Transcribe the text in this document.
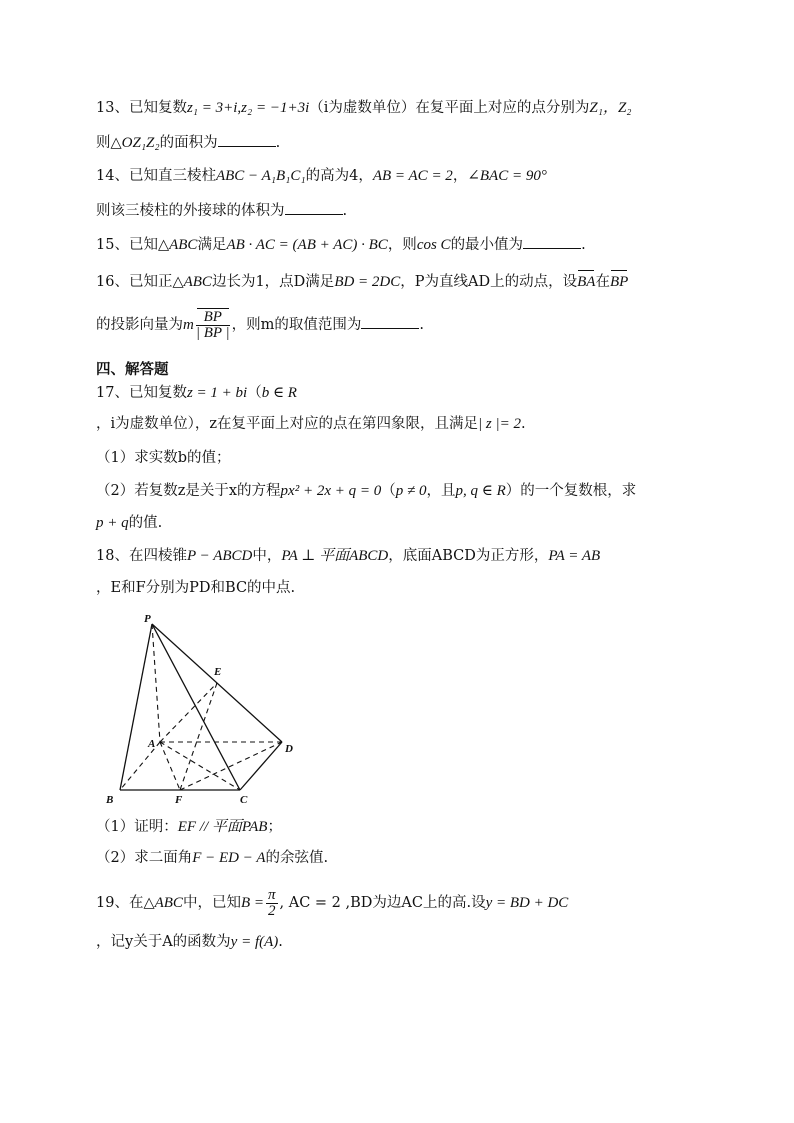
13、已知复数z₁ = 3+i,z₂ = −1+3i（i为虚数单位）在复平面上对应的点分别为Z₁，Z₂
则△OZ₁Z₂的面积为	.
14、已知直三棱柱ABC − A₁B₁C₁的高为4，AB = AC = 2，∠BAC = 90°
则该三棱柱的外接球的体积为	.
15、已知△ABC满足AB · AC = (AB + AC) · BC，则cos C的最小值为	.
16、已知正△ABC边长为1，点D满足BD = 2DC，P为直线AD上的动点，设BA在BP
的投影向量为m $\frac{BP}{| BP |}$ ，则m的取值范围为	.
四、解答题
17、已知复数z = 1 + bi（b ∈ R
，i为虚数单位），z在复平面上对应的点在第四象限，且满足| z |= 2.
（1）求实数b的值；
（2）若复数z是关于x的方程px² + 2x + q = 0（p ≠ 0，且p, q ∈ R）的一个复数根，求
p + q的值.
18、在四棱锥P − ABCD中，PA ⊥ 平面ABCD，底面ABCD为正方形，PA = AB
，E和F分别为PD和BC的中点.
P
E
A	D
B	F	C
（1）证明：EF // 平面PAB；
（2）求二面角F − ED − A的余弦值.
19、在△ABC中，已知$B = \frac{\pi}{2}$ , AC = 2 ,BD为边AC上的高.设y = BD + DC
，记y关于A的函数为y = f(A).
